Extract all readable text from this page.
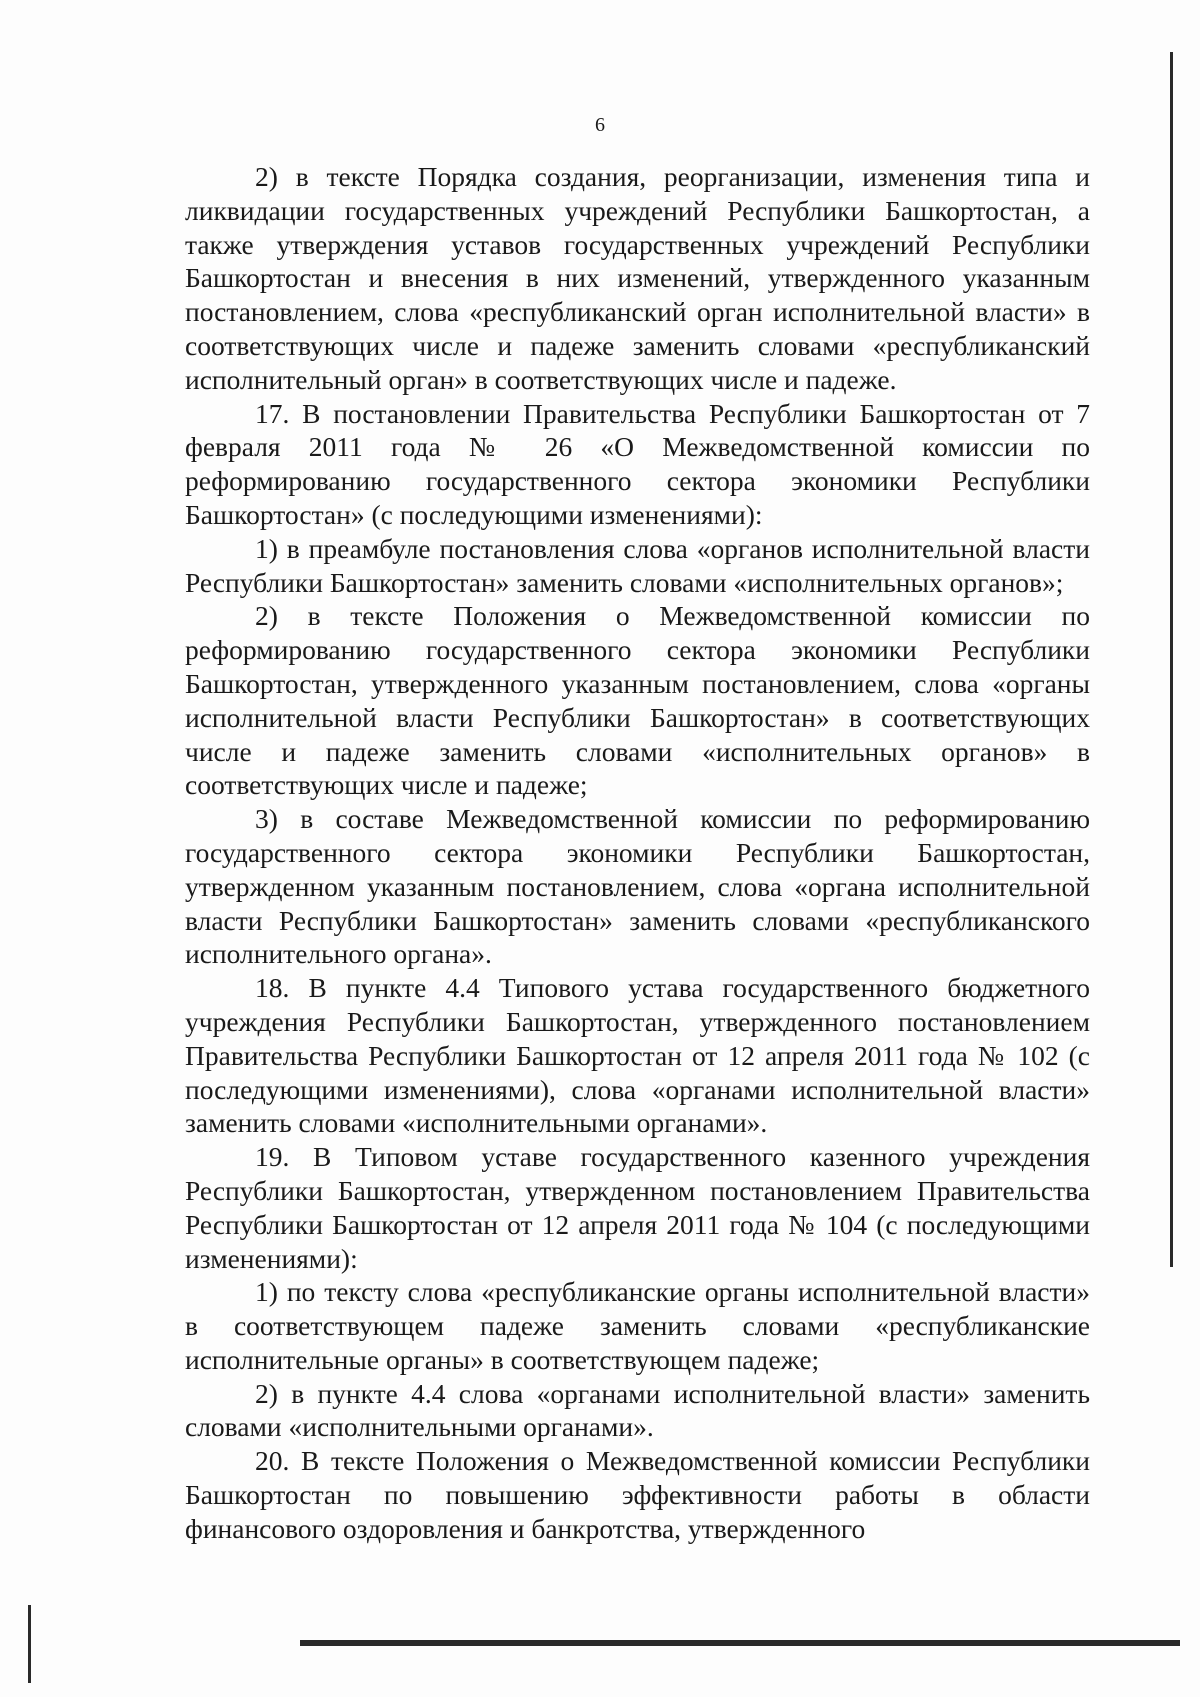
6

2) в тексте Порядка создания, реорганизации, изменения типа и ликвидации государственных учреждений Республики Башкортостан, а также утверждения уставов государственных учреждений Республики Башкортостан и внесения в них изменений, утвержденного указанным постановлением, слова «республиканский орган исполнительной власти» в соответствующих числе и падеже заменить словами «республиканский исполнительный орган» в соответствующих числе и падеже.

17. В постановлении Правительства Республики Башкортостан от 7 февраля 2011 года № 26 «О Межведомственной комиссии по реформированию государственного сектора экономики Республики Башкортостан» (с последующими изменениями):

1) в преамбуле постановления слова «органов исполнительной власти Республики Башкортостан» заменить словами «исполнительных органов»;

2) в тексте Положения о Межведомственной комиссии по реформированию государственного сектора экономики Республики Башкортостан, утвержденного указанным постановлением, слова «органы исполнительной власти Республики Башкортостан» в соответствующих числе и падеже заменить словами «исполнительных органов» в соответствующих числе и падеже;

3) в составе Межведомственной комиссии по реформированию государственного сектора экономики Республики Башкортостан, утвержденном указанным постановлением, слова «органа исполнительной власти Республики Башкортостан» заменить словами «республиканского исполнительного органа».

18. В пункте 4.4 Типового устава государственного бюджетного учреждения Республики Башкортостан, утвержденного постановлением Правительства Республики Башкортостан от 12 апреля 2011 года № 102 (с последующими изменениями), слова «органами исполнительной власти» заменить словами «исполнительными органами».

19. В Типовом уставе государственного казенного учреждения Республики Башкортостан, утвержденном постановлением Правительства Республики Башкортостан от 12 апреля 2011 года № 104 (с последующими изменениями):

1) по тексту слова «республиканские органы исполнительной власти» в соответствующем падеже заменить словами «республиканские исполнительные органы» в соответствующем падеже;

2) в пункте 4.4 слова «органами исполнительной власти» заменить словами «исполнительными органами».

20. В тексте Положения о Межведомственной комиссии Республики Башкортостан по повышению эффективности работы в области финансового оздоровления и банкротства, утвержденного
